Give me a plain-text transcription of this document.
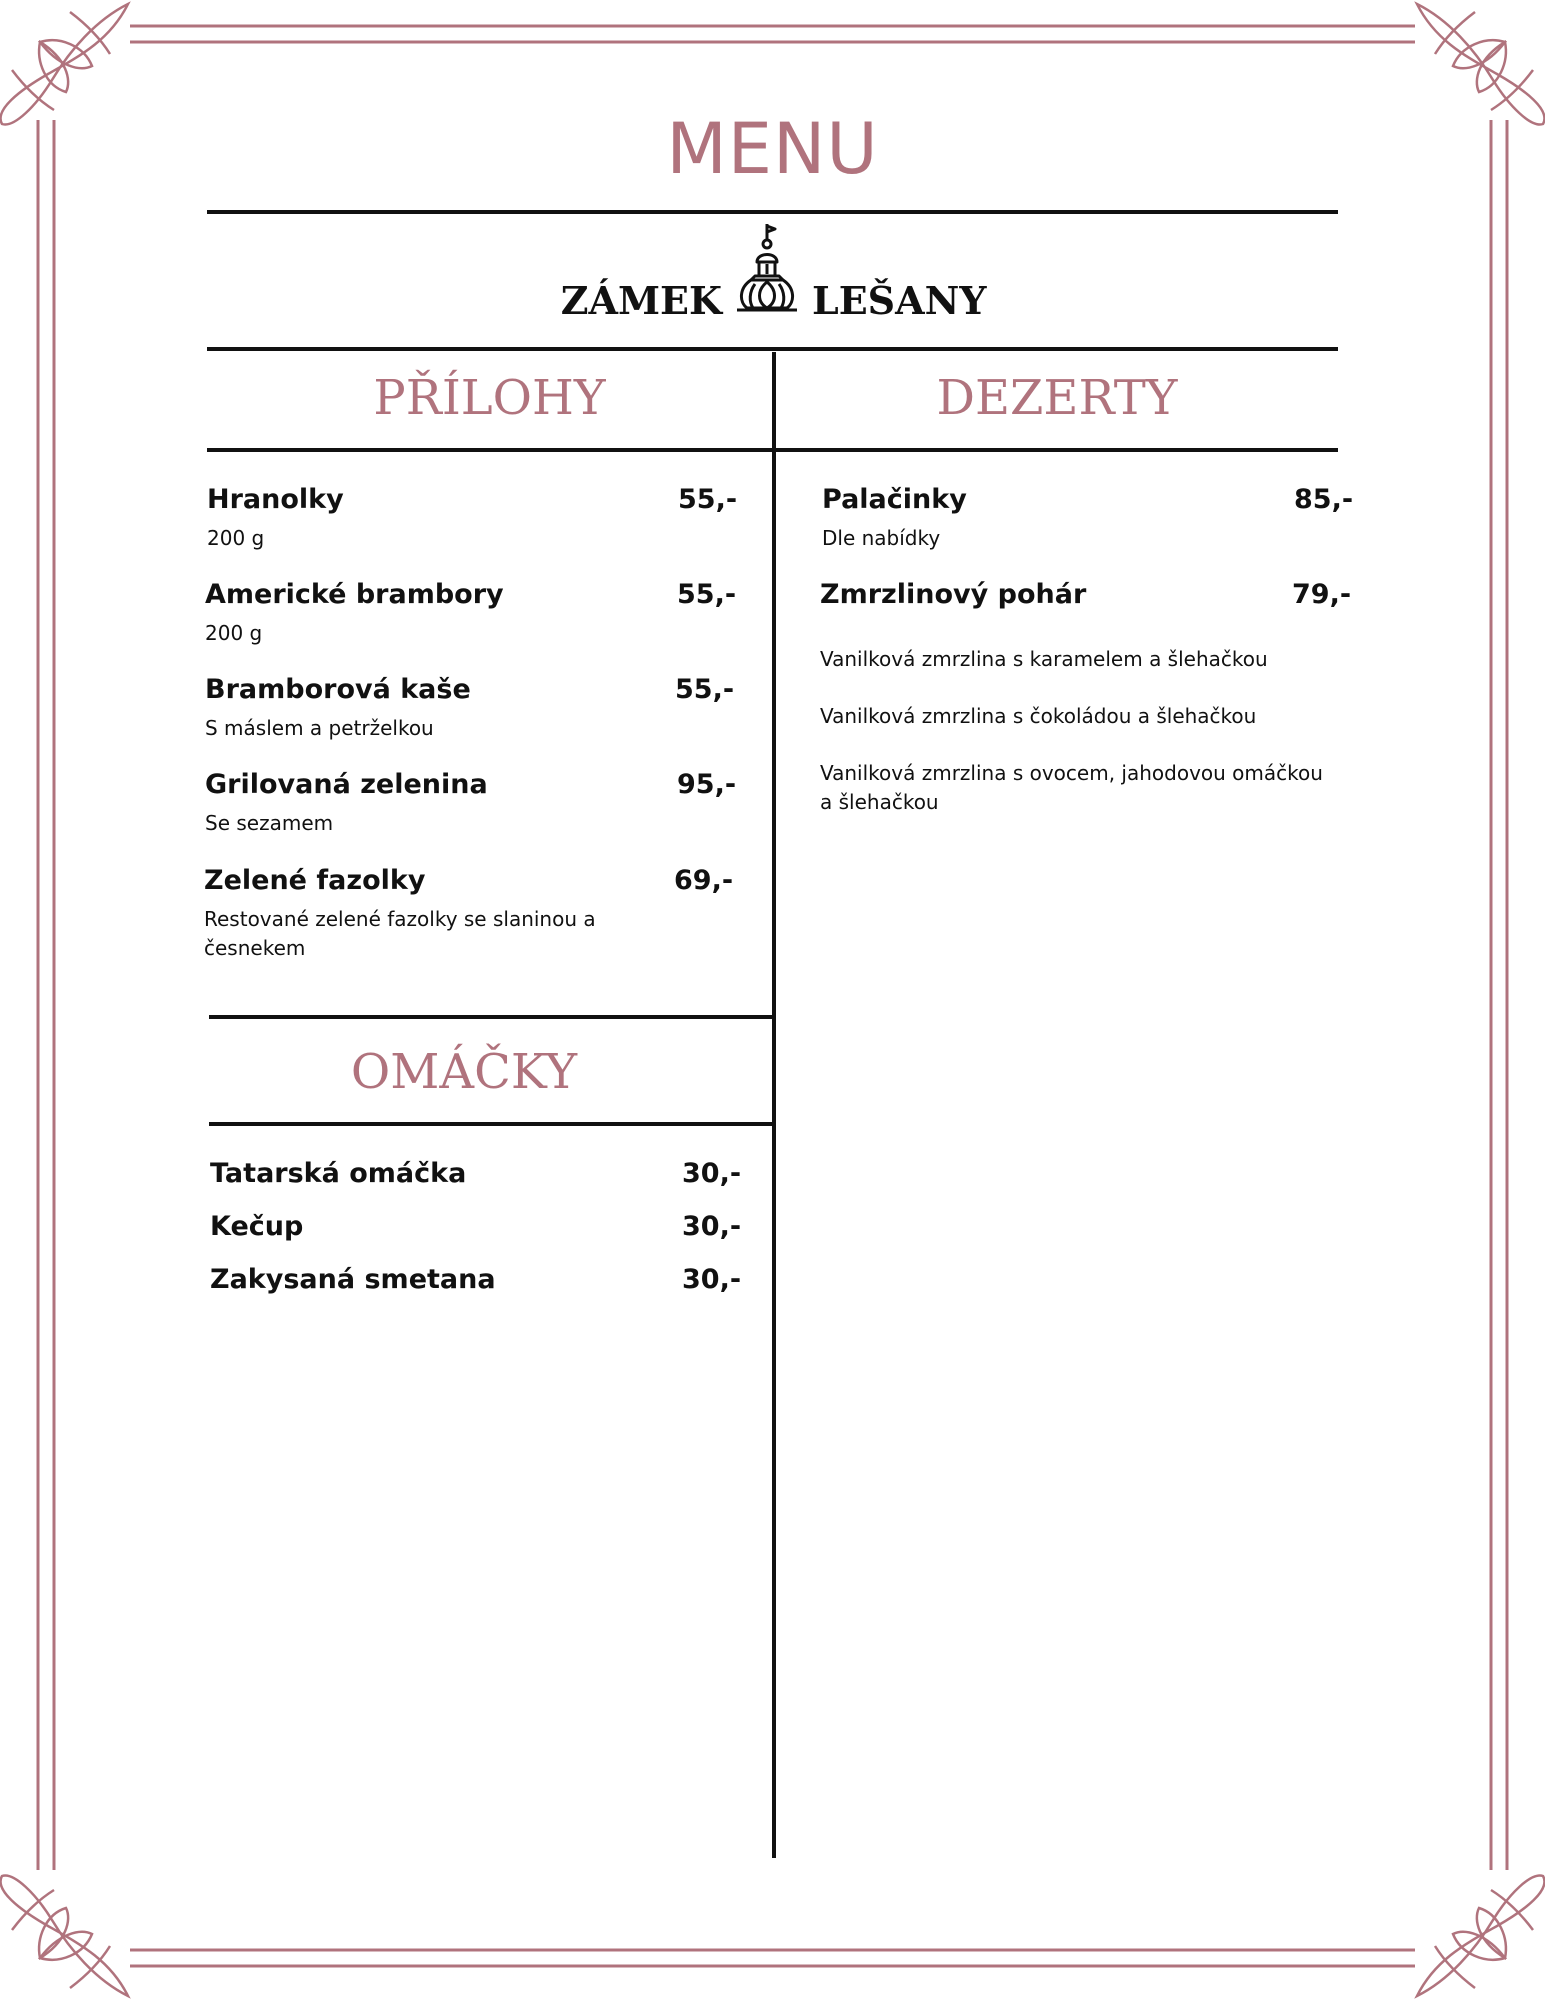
MENU
ZÁMEK LEŠANY
PŘÍLOHY	DEZERTY
Hranolky	55,-
200 g
Americké brambory	55,-
200 g
Bramborová kaše	55,-
S máslem a petrželkou
Grilovaná zelenina	95,-
Se sezamem
Zelené fazolky	69,-
Restované zelené fazolky se slaninou a česnekem
OMÁČKY
Tatarská omáčka	30,-
Kečup	30,-
Zakysaná smetana	30,-
Palačinky	85,-
Dle nabídky
Zmrzlinový pohár	79,-
Vanilková zmrzlina s karamelem a šlehačkou
Vanilková zmrzlina s čokoládou a šlehačkou
Vanilková zmrzlina s ovocem, jahodovou omáčkou a šlehačkou
